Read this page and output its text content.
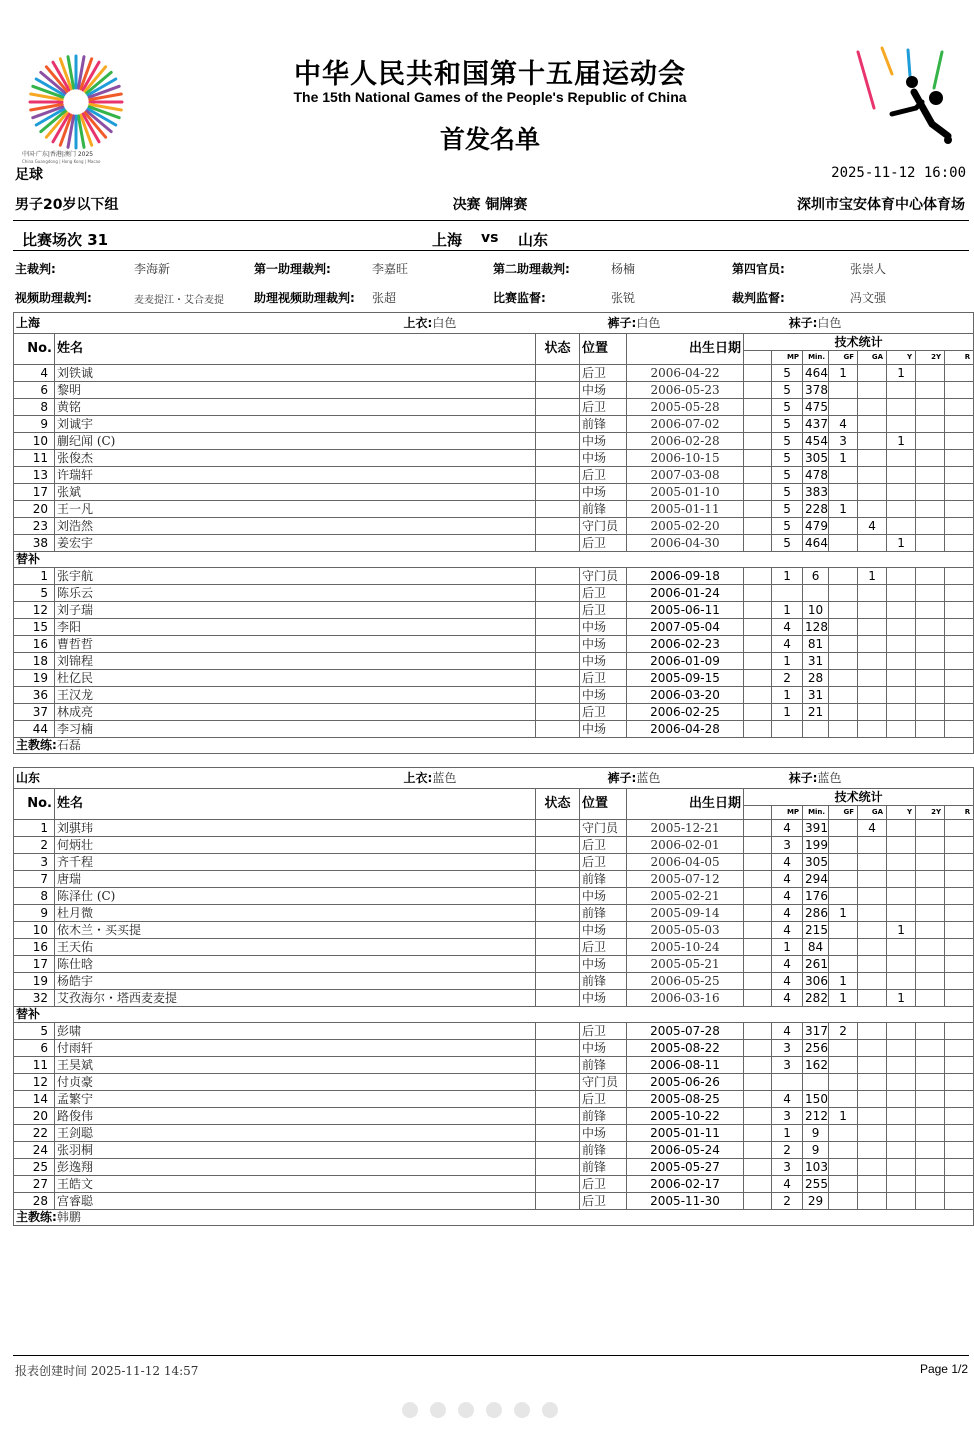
中国·广东|香港|澳门 2025
China Guangdong | Hong Kong | Macao
中华人民共和国第十五届运动会
The 15th National Games of the People's Republic of China
首发名单
足球	2025-11-12 16:00
男子20岁以下组	决赛 铜牌赛	深圳市宝安体育中心体育场
比赛场次 31	上海 vs 山东
主裁判:	李海新	第一助理裁判:	李嘉旺	第二助理裁判:	杨楠	第四官员:	张崇人
视频助理裁判:	麦麦提江・艾合麦提	助理视频助理裁判: 张超	比赛监督:	张锐	裁判监督:	冯文强
上海		上衣:白色			裤子:白色			袜子:白色				
No.	姓名	状态	位置	出生日期	技术统计							
						MP	Min.	GF	GA	Y	2Y	R
4	刘铁诚		后卫	2006-04-22		5	464	1		1		
6	黎明		中场	2006-05-23		5	378					
8	黄铭		后卫	2005-05-28		5	475					
9	刘诚宇		前锋	2006-07-02		5	437	4				
10	蒯纪闻 (C)		中场	2006-02-28		5	454	3		1		
11	张俊杰		中场	2006-10-15		5	305	1				
13	许瑞轩		后卫	2007-03-08		5	478					
17	张斌		中场	2005-01-10		5	383					
20	王一凡		前锋	2005-01-11		5	228	1				
23	刘浩然		守门员	2005-02-20		5	479		4			
38	姜宏宇		后卫	2006-04-30		5	464			1		
替补												
1	张宇航		守门员	2006-09-18		1	6		1			
5	陈乐云		后卫	2006-01-24								
12	刘子瑞		后卫	2005-06-11		1	10					
15	李阳		中场	2007-05-04		4	128					
16	曹哲哲		中场	2006-02-23		4	81					
18	刘锦程		中场	2006-01-09		1	31					
19	杜亿民		后卫	2005-09-15		2	28					
36	王汉龙		中场	2006-03-20		1	31					
37	林成亮		后卫	2006-02-25		1	21					
44	李习楠		中场	2006-04-28								
主教练:石磊												
山东		上衣:蓝色			裤子:蓝色			袜子:蓝色				
No.	姓名	状态	位置	出生日期	技术统计							
						MP	Min.	GF	GA	Y	2Y	R
1	刘骐玮		守门员	2005-12-21		4	391		4			
2	何炳壮		后卫	2006-02-01		3	199					
3	齐千程		后卫	2006-04-05		4	305					
7	唐瑞		前锋	2005-07-12		4	294					
8	陈泽仕 (C)		中场	2005-02-21		4	176					
9	杜月微		前锋	2005-09-14		4	286	1				
10	依木兰・买买提		中场	2005-05-03		4	215			1		
16	王天佑		后卫	2005-10-24		1	84					
17	陈仕晗		中场	2005-05-21		4	261					
19	杨皓宇		前锋	2006-05-25		4	306	1				
32	艾孜海尔・塔西麦麦提		中场	2006-03-16		4	282	1		1		
替补												
5	彭啸		后卫	2005-07-28		4	317	2				
6	付雨轩		中场	2005-08-22		3	256					
11	王昊斌		前锋	2006-08-11		3	162					
12	付贞豪		守门员	2005-06-26								
14	孟繁宁		后卫	2005-08-25		4	150					
20	路俊伟		前锋	2005-10-22		3	212	1				
22	王剑聪		中场	2005-01-11		1	9					
24	张羽桐		前锋	2006-05-24		2	9					
25	彭逸翔		前锋	2005-05-27		3	103					
27	王皓文		后卫	2006-02-17		4	255					
28	宫睿聪		后卫	2005-11-30		2	29					
主教练:韩鹏												
报表创建时间 2025-11-12 14:57	Page 1/2
